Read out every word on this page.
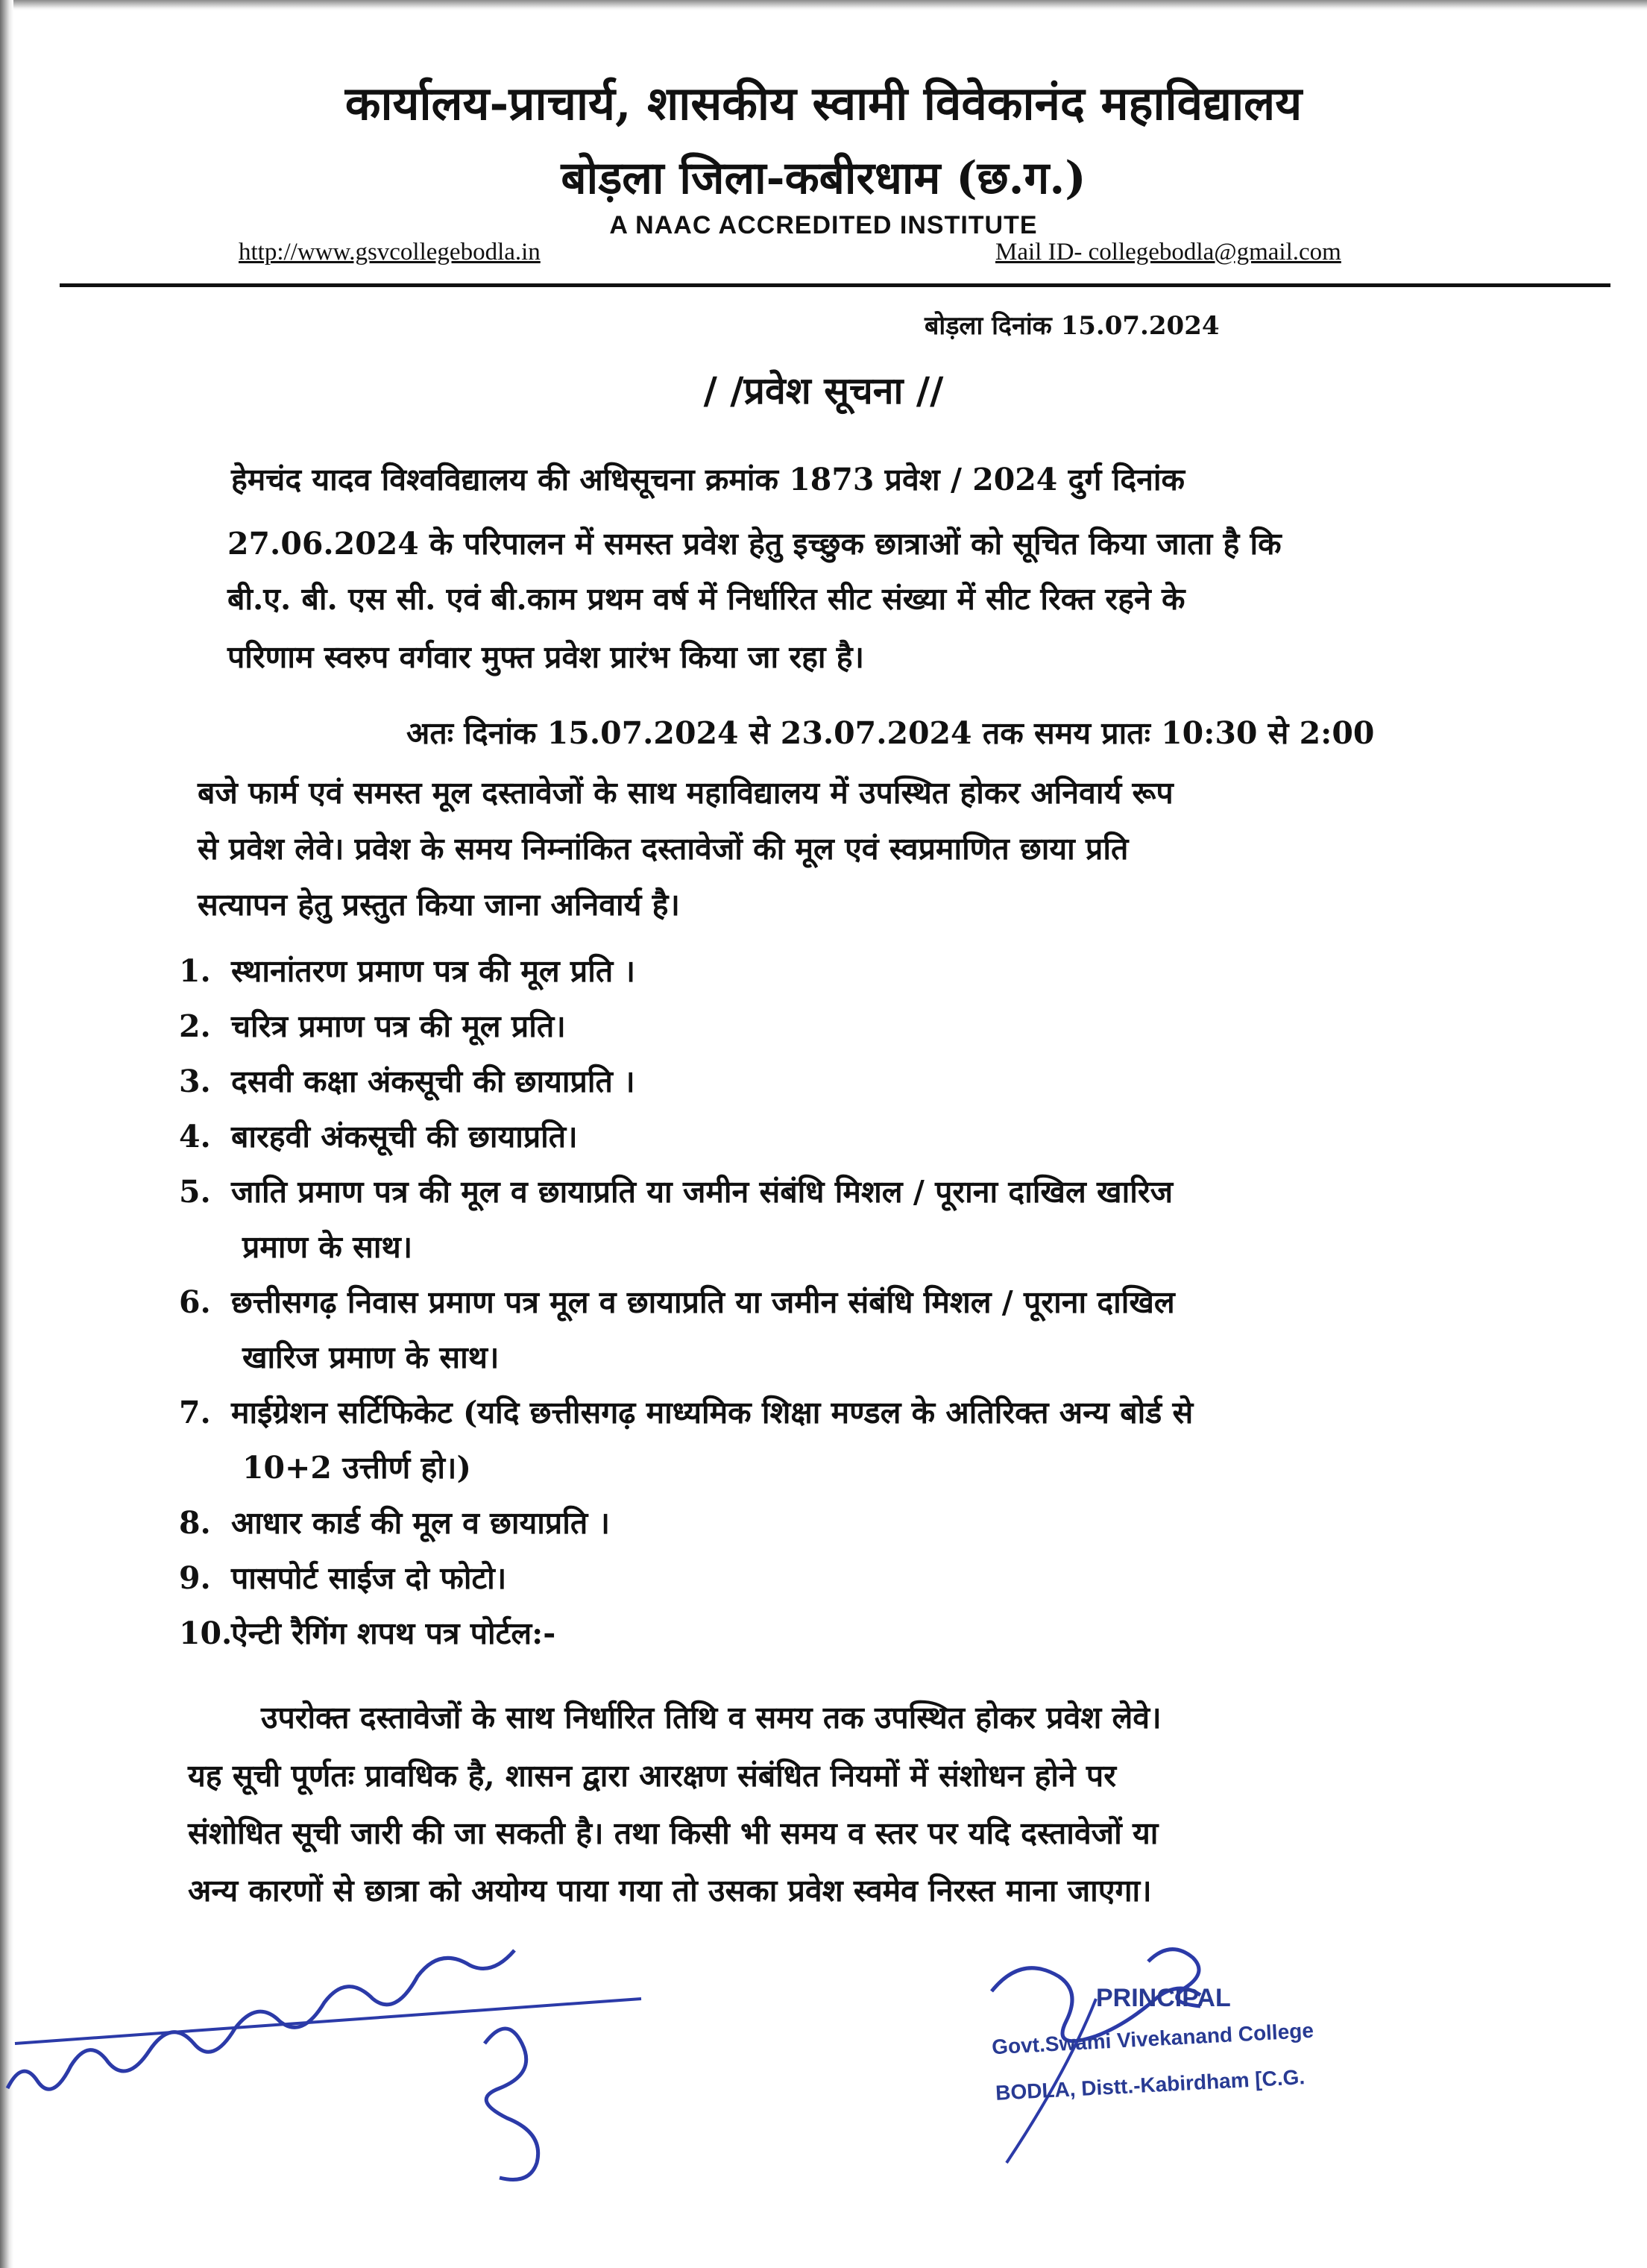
कार्यालय-प्राचार्य, शासकीय स्वामी विवेकानंद महाविद्यालय
बोड़ला जिला-कबीरधाम (छ.ग.)
A NAAC ACCREDITED INSTITUTE
http://www.gsvcollegebodla.in	Mail ID- collegebodla@gmail.com
बोड़ला दिनांक 15.07.2024
/ /प्रवेश सूचना //
हेमचंद यादव विश्वविद्यालय की अधिसूचना क्रमांक 1873 प्रवेश / 2024 दुर्ग दिनांक
27.06.2024 के परिपालन में समस्त प्रवेश हेतु इच्छुक छात्राओं को सूचित किया जाता है कि
बी.ए. बी. एस सी. एवं बी.काम प्रथम वर्ष में निर्धारित सीट संख्या में सीट रिक्त रहने के
परिणाम स्वरुप वर्गवार मुफ्त प्रवेश प्रारंभ किया जा रहा है।
अतः दिनांक 15.07.2024 से 23.07.2024 तक समय प्रातः 10:30 से 2:00
बजे फार्म एवं समस्त मूल दस्तावेजों के साथ महाविद्यालय में उपस्थित होकर अनिवार्य रूप
से प्रवेश लेवे। प्रवेश के समय निम्नांकित दस्तावेजों की मूल एवं स्वप्रमाणित छाया प्रति
सत्यापन हेतु प्रस्तुत किया जाना अनिवार्य है।
1. स्थानांतरण प्रमाण पत्र की मूल प्रति ।
2. चरित्र प्रमाण पत्र की मूल प्रति।
3. दसवी कक्षा अंकसूची की छायाप्रति ।
4. बारहवी अंकसूची की छायाप्रति।
5. जाति प्रमाण पत्र की मूल व छायाप्रति या जमीन संबंधि मिशल / पूराना दाखिल खारिज
प्रमाण के साथ।
6. छत्तीसगढ़ निवास प्रमाण पत्र मूल व छायाप्रति या जमीन संबंधि मिशल / पूराना दाखिल
खारिज प्रमाण के साथ।
7. माईग्रेशन सर्टिफिकेट (यदि छत्तीसगढ़ माध्यमिक शिक्षा मण्डल के अतिरिक्त अन्य बोर्ड से
10+2 उत्तीर्ण हो।)
8. आधार कार्ड की मूल व छायाप्रति ।
9. पासपोर्ट साईज दो फोटो।
10.ऐन्टी रैगिंग शपथ पत्र पोर्टल:-
उपरोक्त दस्तावेजों के साथ निर्धारित तिथि व समय तक उपस्थित होकर प्रवेश लेवे।
यह सूची पूर्णतः प्रावधिक है, शासन द्वारा आरक्षण संबंधित नियमों में संशोधन होने पर
संशोधित सूची जारी की जा सकती है। तथा किसी भी समय व स्तर पर यदि दस्तावेजों या
अन्य कारणों से छात्रा को अयोग्य पाया गया तो उसका प्रवेश स्वमेव निरस्त माना जाएगा।
PRINCIPAL
Govt.Swami Vivekanand College
BODLA, Distt.-Kabirdham [C.G.
